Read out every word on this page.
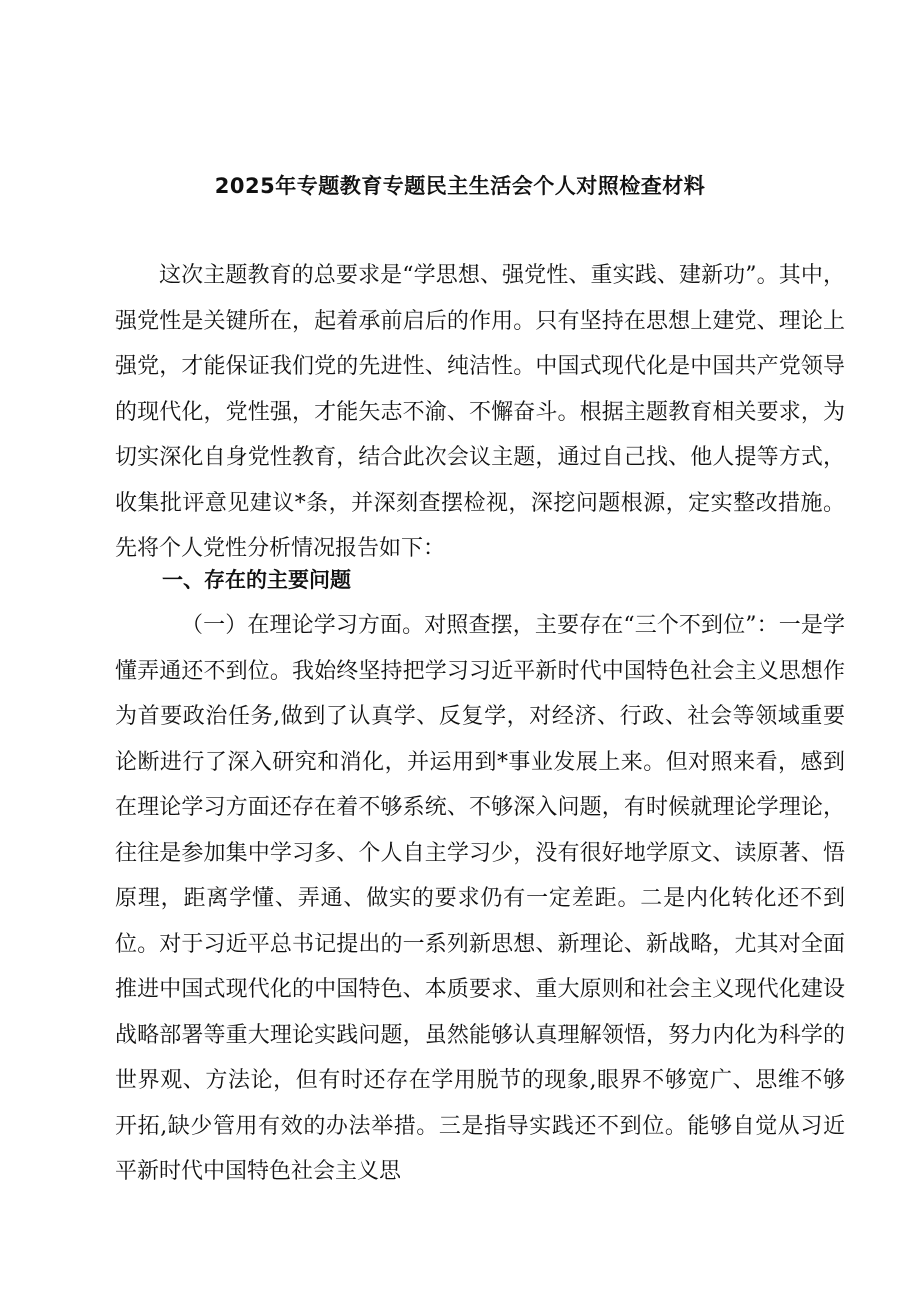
2025年专题教育专题民主生活会个人对照检查材料

这次主题教育的总要求是“学思想、强党性、重实践、建新功”。其中，强党性是关键所在，起着承前启后的作用。只有坚持在思想上建党、理论上强党，才能保证我们党的先进性、纯洁性。中国式现代化是中国共产党领导的现代化，党性强，才能矢志不渝、不懈奋斗。根据主题教育相关要求，为切实深化自身党性教育，结合此次会议主题，通过自己找、他人提等方式，收集批评意见建议*条，并深刻查摆检视，深挖问题根源，定实整改措施。先将个人党性分析情况报告如下：

一、存在的主要问题

（一）在理论学习方面。对照查摆，主要存在“三个不到位”：一是学懂弄通还不到位。我始终坚持把学习习近平新时代中国特色社会主义思想作为首要政治任务,做到了认真学、反复学，对经济、行政、社会等领域重要论断进行了深入研究和消化，并运用到*事业发展上来。但对照来看，感到在理论学习方面还存在着不够系统、不够深入问题，有时候就理论学理论，往往是参加集中学习多、个人自主学习少，没有很好地学原文、读原著、悟原理，距离学懂、弄通、做实的要求仍有一定差距。二是内化转化还不到位。对于习近平总书记提出的一系列新思想、新理论、新战略，尤其对全面推进中国式现代化的中国特色、本质要求、重大原则和社会主义现代化建设战略部署等重大理论实践问题，虽然能够认真理解领悟，努力内化为科学的世界观、方法论，但有时还存在学用脱节的现象,眼界不够宽广、思维不够开拓,缺少管用有效的办法举措。三是指导实践还不到位。能够自觉从习近平新时代中国特色社会主义思
